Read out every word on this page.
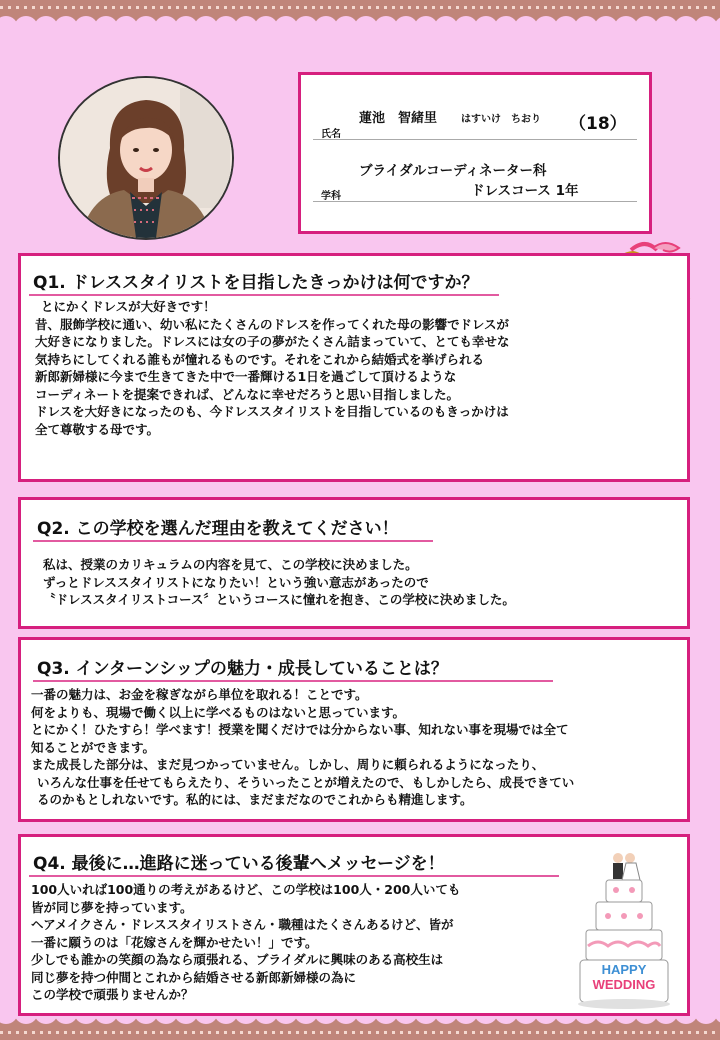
氏名
蓮池　智緒里 はすいけ　ちおり （18）
学科
ブライダルコーディネーター科
ドレスコース 1年
Q1. ドレススタイリストを目指したきっかけは何ですか？
とにかくドレスが大好きです！
昔、服飾学校に通い、幼い私にたくさんのドレスを作ってくれた母の影響でドレスが
大好きになりました。ドレスには女の子の夢がたくさん詰まっていて、とても幸せな
気持ちにしてくれる誰もが憧れるものです。それをこれから結婚式を挙げられる
新郎新婦様に今まで生きてきた中で一番輝ける1日を過ごして頂けるような
コーディネートを提案できれば、どんなに幸せだろうと思い目指しました。
ドレスを大好きになったのも、今ドレススタイリストを目指しているのもきっかけは
全て尊敬する母です。
Q2. この学校を選んだ理由を教えてください！
私は、授業のカリキュラムの内容を見て、この学校に決めました。
ずっとドレススタイリストになりたい！という強い意志があったので
〝ドレススタイリストコース〞というコースに憧れを抱き、この学校に決めました。
Q3. インターンシップの魅力・成長していることは？
一番の魅力は、お金を稼ぎながら単位を取れる！ことです。
何をよりも、現場で働く以上に学べるものはないと思っています。
とにかく！ひたすら！学べます！授業を聞くだけでは分からない事、知れない事を現場では全て
知ることができます。
また成長した部分は、まだ見つかっていません。しかし、周りに頼られるようになったり、
いろんな仕事を任せてもらえたり、そういったことが増えたので、もしかしたら、成長できてい
るのかもとしれないです。私的には、まだまだなのでこれからも精進します。
Q4. 最後に…進路に迷っている後輩へメッセージを！
100人いれば100通りの考えがあるけど、この学校は100人・200人いても
皆が同じ夢を持っています。
ヘアメイクさん・ドレススタイリストさん・職種はたくさんあるけど、皆が
一番に願うのは「花嫁さんを輝かせたい！」です。
少しでも誰かの笑顔の為なら頑張れる、ブライダルに興味のある高校生は
同じ夢を持つ仲間とこれから結婚させる新郎新婦様の為に
この学校で頑張りませんか？
HAPPY
WEDDING
